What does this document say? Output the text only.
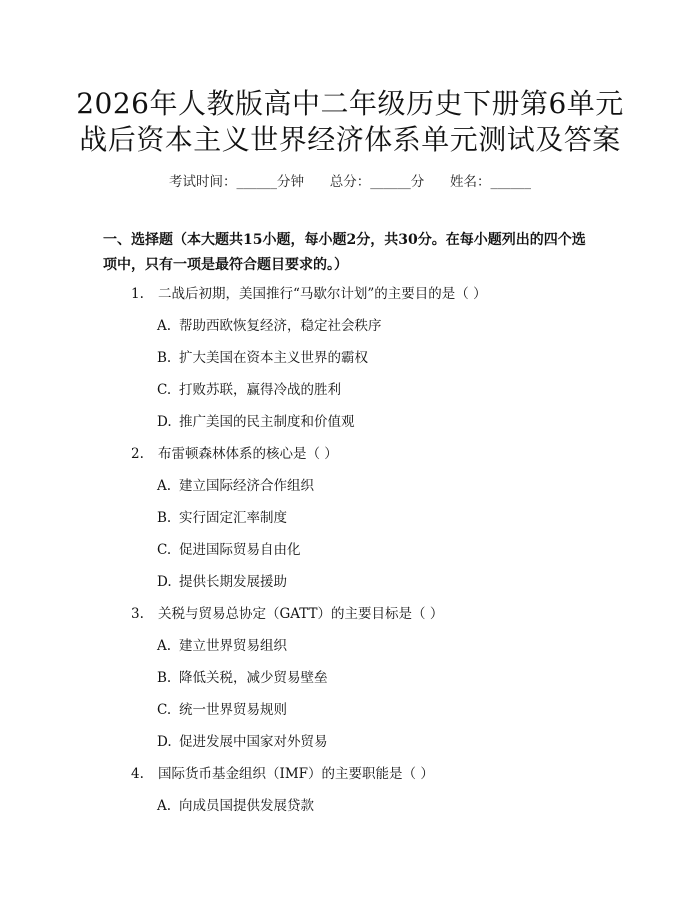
2026年人教版高中二年级历史下册第6单元
战后资本主义世界经济体系单元测试及答案
考试时间：______分钟      总分：______分      姓名：______
一、选择题（本大题共15小题，每小题2分，共30分。在每小题列出的四个选项中，只有一项是最符合题目要求的。）
1. 二战后初期，美国推行“马歇尔计划”的主要目的是（ ）
A. 帮助西欧恢复经济，稳定社会秩序
B. 扩大美国在资本主义世界的霸权
C. 打败苏联，赢得冷战的胜利
D. 推广美国的民主制度和价值观
2. 布雷顿森林体系的核心是（ ）
A. 建立国际经济合作组织
B. 实行固定汇率制度
C. 促进国际贸易自由化
D. 提供长期发展援助
3. 关税与贸易总协定（GATT）的主要目标是（ ）
A. 建立世界贸易组织
B. 降低关税，减少贸易壁垒
C. 统一世界贸易规则
D. 促进发展中国家对外贸易
4. 国际货币基金组织（IMF）的主要职能是（ ）
A. 向成员国提供发展贷款
